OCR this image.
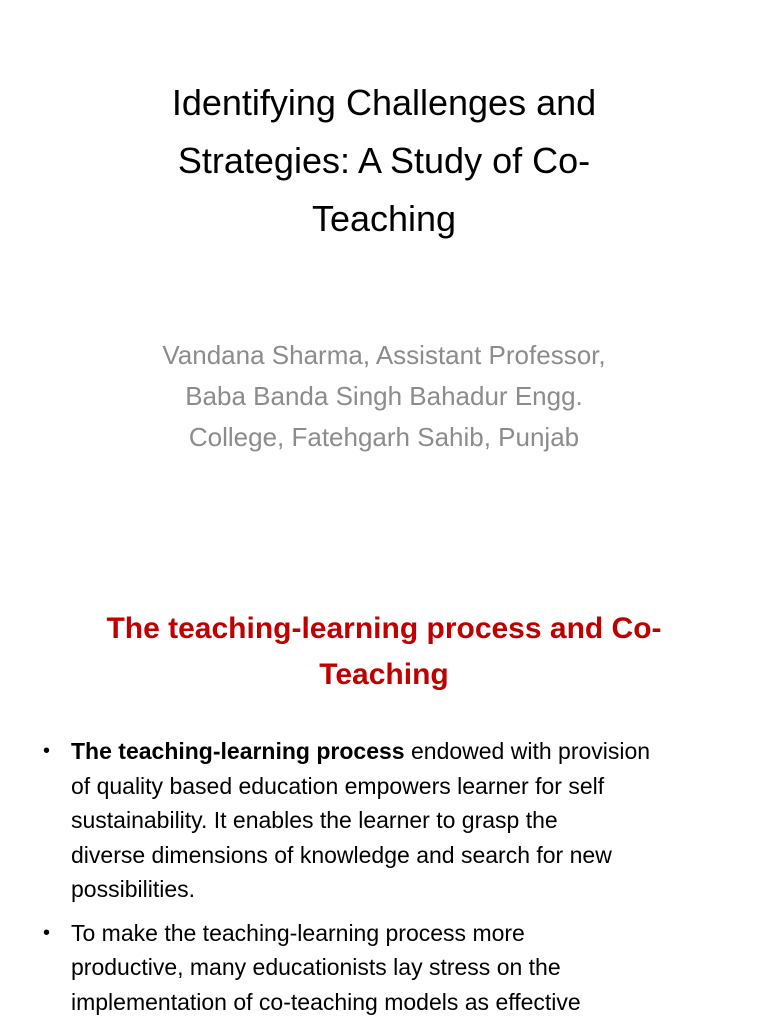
Identifying Challenges and
Strategies: A Study of Co-
Teaching
Vandana Sharma, Assistant Professor,
Baba Banda Singh Bahadur Engg.
College, Fatehgarh Sahib, Punjab
The teaching-learning process and Co-
Teaching
• The teaching-learning process endowed with provision
of quality based education empowers learner for self
sustainability. It enables the learner to grasp the
diverse dimensions of knowledge and search for new
possibilities.
• To make the teaching-learning process more
productive, many educationists lay stress on the
implementation of co-teaching models as effective
